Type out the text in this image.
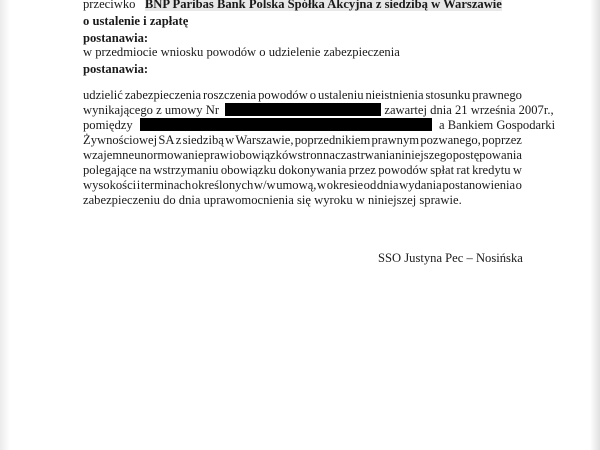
przeciwko BNP Paribas Bank Polska Spółka Akcyjna z siedzibą w Warszawie
o ustalenie i zapłatę
postanawia:
w przedmiocie wniosku powodów o udzielenie zabezpieczenia
postanawia:
udzielić zabezpieczenia roszczenia powodów o ustaleniu nieistnienia stosunku prawnego
wynikającego z umowy Nr	zawartej dnia 21 września 2007r.,
pomiędzy	a Bankiem Gospodarki
Żywnościowej SA z siedzibą w Warszawie, poprzednikiem prawnym pozwanego, poprzez
wzajemne unormowanie praw i obowiązków stron na czas trwania niniejszego postępowania
polegające na wstrzymaniu obowiązku dokonywania przez powodów spłat rat kredytu w
wysokości i terminach określonych w/w umową, w okresie od dnia wydania postanowienia o
zabezpieczeniu do dnia uprawomocnienia się wyroku w niniejszej sprawie.
SSO Justyna Pec – Nosińska
